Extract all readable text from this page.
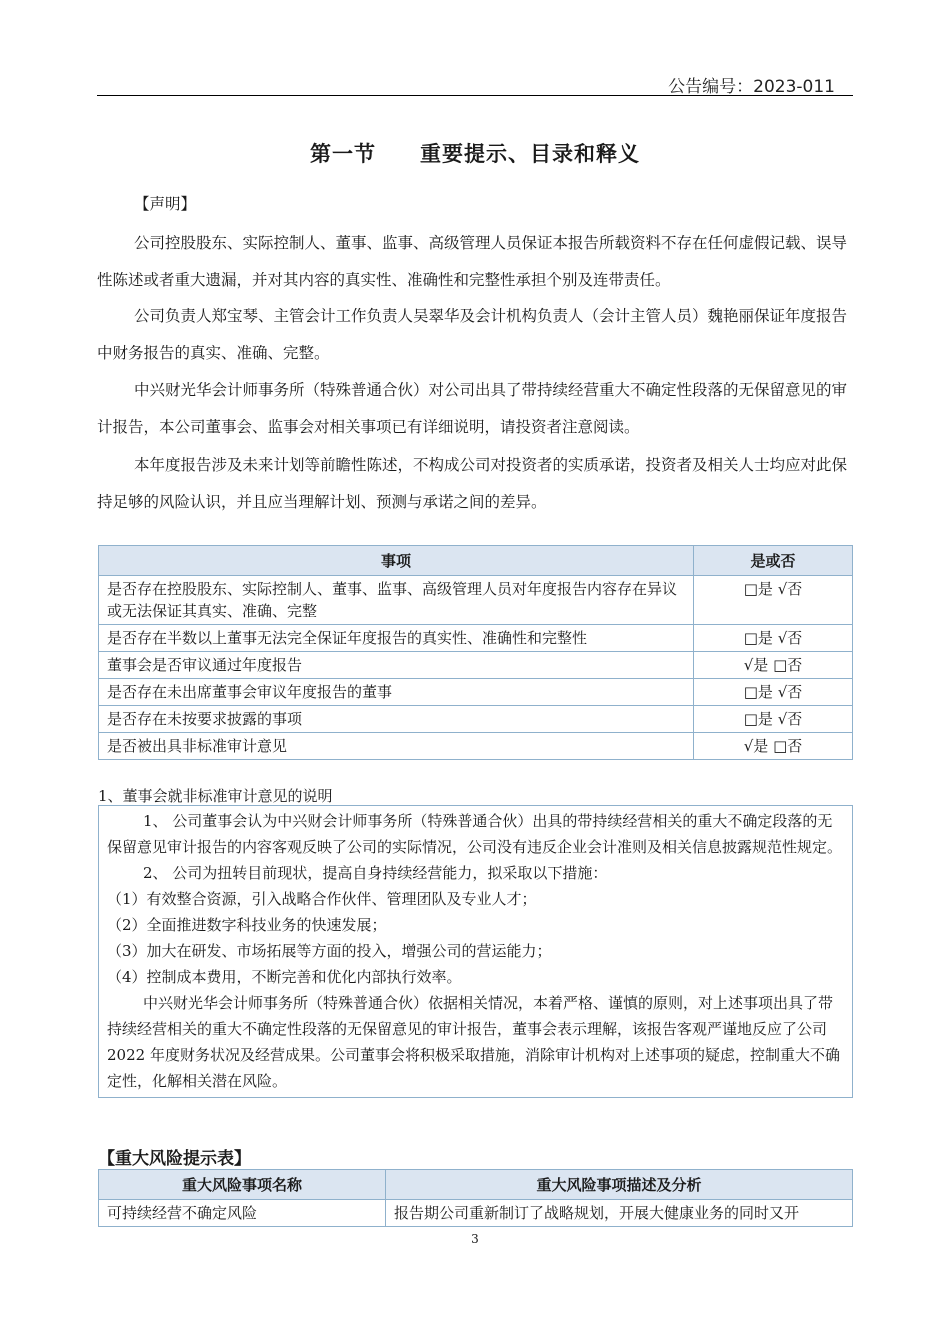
公告编号：2023-011
第一节　　重要提示、目录和释义

【声明】

公司控股股东、实际控制人、董事、监事、高级管理人员保证本报告所载资料不存在任何虚假记载、误导性陈述或者重大遗漏，并对其内容的真实性、准确性和完整性承担个别及连带责任。

公司负责人郑宝琴、主管会计工作负责人吴翠华及会计机构负责人（会计主管人员）魏艳丽保证年度报告中财务报告的真实、准确、完整。

中兴财光华会计师事务所（特殊普通合伙）对公司出具了带持续经营重大不确定性段落的无保留意见的审计报告，本公司董事会、监事会对相关事项已有详细说明，请投资者注意阅读。

本年度报告涉及未来计划等前瞻性陈述，不构成公司对投资者的实质承诺，投资者及相关人士均应对此保持足够的风险认识，并且应当理解计划、预测与承诺之间的差异。

事项	是或否
是否存在控股股东、实际控制人、董事、监事、高级管理人员对年度报告内容存在异议或无法保证其真实、准确、完整	□是 √否
是否存在半数以上董事无法完全保证年度报告的真实性、准确性和完整性	□是 √否
董事会是否审议通过年度报告	√是 □否
是否存在未出席董事会审议年度报告的董事	□是 √否
是否存在未按要求披露的事项	□是 √否
是否被出具非标准审计意见	√是 □否
1、董事会就非标准审计意见的说明

1、 公司董事会认为中兴财会计师事务所（特殊普通合伙）出具的带持续经营相关的重大不确定段落的无保留意见审计报告的内容客观反映了公司的实际情况，公司没有违反企业会计准则及相关信息披露规范性规定。

2、 公司为扭转目前现状，提高自身持续经营能力，拟采取以下措施：

（1）有效整合资源，引入战略合作伙伴、管理团队及专业人才；

（2）全面推进数字科技业务的快速发展；

（3）加大在研发、市场拓展等方面的投入，增强公司的营运能力；

（4）控制成本费用，不断完善和优化内部执行效率。

中兴财光华会计师事务所（特殊普通合伙）依据相关情况，本着严格、谨慎的原则，对上述事项出具了带持续经营相关的重大不确定性段落的无保留意见的审计报告，董事会表示理解，该报告客观严谨地反应了公司 2022 年度财务状况及经营成果。公司董事会将积极采取措施，消除审计机构对上述事项的疑虑，控制重大不确定性，化解相关潜在风险。

【重大风险提示表】
重大风险事项名称	重大风险事项描述及分析
可持续经营不确定风险	报告期公司重新制订了战略规划，开展大健康业务的同时又开
3
